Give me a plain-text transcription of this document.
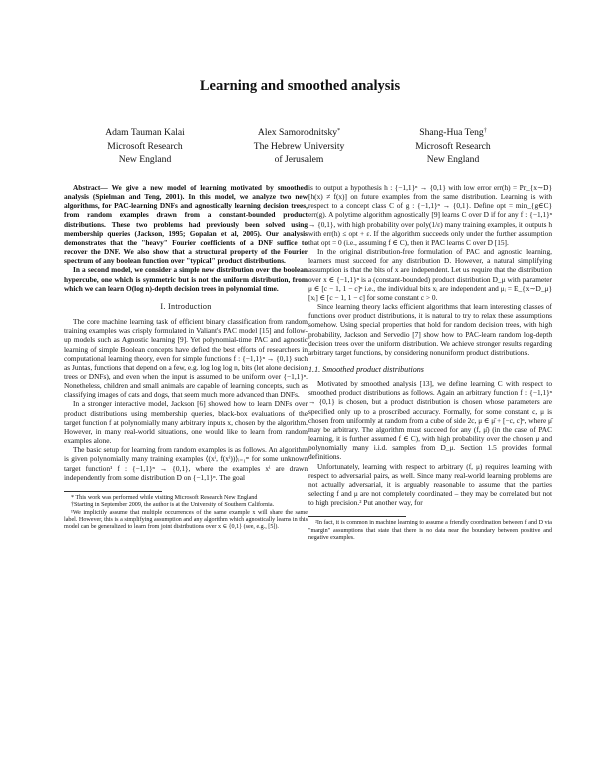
Learning and smoothed analysis
Adam Tauman Kalai
Microsoft Research
New England
Alex Samorodnitsky*
The Hebrew University
of Jerusalem
Shang-Hua Teng†
Microsoft Research
New England

Abstract— We give a new model of learning motivated by smoothed analysis (Spielman and Teng, 2001). In this model, we analyze two new algorithms, for PAC-learning DNFs and agnostically learning decision trees, from random examples drawn from a constant-bounded product distributions. These two problems had previously been solved using membership queries (Jackson, 1995; Gopalan et al, 2005). Our analysis demonstrates that the "heavy" Fourier coefficients of a DNF suffice to recover the DNF. We also show that a structural property of the Fourier spectrum of any boolean function over "typical" product distributions.

In a second model, we consider a simple new distribution over the boolean hypercube, one which is symmetric but is not the uniform distribution, from which we can learn O(log n)-depth decision trees in polynomial time.

I. Introduction

The core machine learning task of efficient binary classification from random training examples was crisply formulated in Valiant's PAC model [15] and follow-up models such as Agnostic learning [9]. Yet polynomial-time PAC and agnostic learning of simple Boolean concepts have defied the best efforts of researchers in computational learning theory, even for simple functions f : {−1,1}ⁿ → {0,1} such as Juntas, functions that depend on a few, e.g. log log log n, bits (let alone decision trees or DNFs), and even when the input is assumed to be uniform over {−1,1}ⁿ. Nonetheless, children and small animals are capable of learning concepts, such as classifying images of cats and dogs, that seem much more advanced than DNFs.

In a stronger interactive model, Jackson [6] showed how to learn DNFs over product distributions using membership queries, black-box evaluations of the target function f at polynomially many arbitrary inputs x, chosen by the algorithm. However, in many real-world situations, one would like to learn from random examples alone.

The basic setup for learning from random examples is as follows. An algorithm is given polynomially many training examples ⟨(xⁱ, f(xⁱ))⟩ᵢ₌₁ᵐ for some unknown target function¹ f : {−1,1}ⁿ → {0,1}, where the examples xⁱ are drawn independently from some distribution D on {−1,1}ⁿ. The goal

* This work was performed while visiting Microsoft Research New England

†Starting in September 2009, the author is at the University of Southern California.

¹We implicitly assume that multiple occurrences of the same example x will share the same label. However, this is a simplifying assumption and any algorithm which agnostically learns in this model can be generalized to learn from joint distributions over x ∈ {0,1} (see, e.g., [5]).

is to output a hypothesis h : {−1,1}ⁿ → {0,1} with low error err(h) = Pr_{x∼D}[h(x) ≠ f(x)] on future examples from the same distribution. Learning is with respect to a concept class C of g : {−1,1}ⁿ → {0,1}. Define opt = min_{g∈C} err(g). A polytime algorithm agnostically [9] learns C over D if for any f : {−1,1}ⁿ → {0,1}, with high probability over poly(1/ε) many training examples, it outputs h with err(h) ≤ opt + ε. If the algorithm succeeds only under the further assumption that opt = 0 (i.e., assuming f ∈ C), then it PAC learns C over D [15].

In the original distribution-free formulation of PAC and agnostic learning, learners must succeed for any distribution D. However, a natural simplifying assumption is that the bits of x are independent. Let us require that the distribution over x ∈ {−1,1}ⁿ is a (constant-bounded) product distribution D_μ with parameter μ ∈ [c − 1, 1 − c]ⁿ i.e., the individual bits xᵢ are independent and μᵢ = E_{x∼D_μ}[xᵢ] ∈ [c − 1, 1 − c] for some constant c > 0.

Since learning theory lacks efficient algorithms that learn interesting classes of functions over product distributions, it is natural to try to relax these assumptions somehow. Using special properties that hold for random decision trees, with high probability, Jackson and Servedio [7] show how to PAC-learn random log-depth decision trees over the uniform distribution. We achieve stronger results regarding arbitrary target functions, by considering nonuniform product distributions.

1.1. Smoothed product distributions

Motivated by smoothed analysis [13], we define learning C with respect to smoothed product distributions as follows. Again an arbitrary function f : {−1,1}ⁿ → {0,1} is chosen, but a product distribution is chosen whose parameters are specified only up to a proscribed accuracy. Formally, for some constant c, μ is chosen from uniformly at random from a cube of side 2c, μ ∈ μ̄ + [−c, c]ⁿ, where μ̄ may be arbitrary. The algorithm must succeed for any (f, μ̄) (in the case of PAC learning, it is further assumed f ∈ C), with high probability over the chosen μ and polynomially many i.i.d. samples from D_μ. Section 1.5 provides formal definitions.

Unfortunately, learning with respect to arbitrary (f, μ) requires learning with respect to adversarial pairs, as well. Since many real-world learning problems are not actually adversarial, it is arguably reasonable to assume that the parties selecting f and μ are not completely coordinated – they may be correlated but not to high precision.² Put another way, for

²In fact, it is common in machine learning to assume a friendly coordination between f and D via "margin" assumptions that state that there is no data near the boundary between positive and negative examples.
